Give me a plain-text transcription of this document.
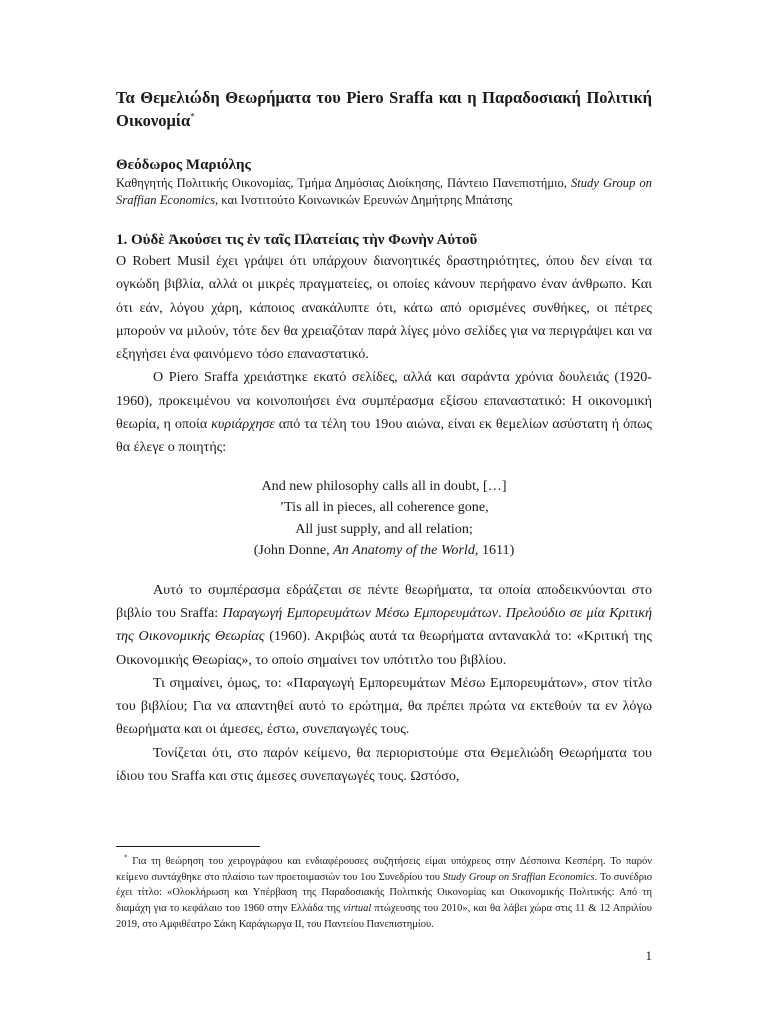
Τα Θεμελιώδη Θεωρήματα του Piero Sraffa και η Παραδοσιακή Πολιτική Οικονομία*
Θεόδωρος Μαριόλης
Καθηγητής Πολιτικής Οικονομίας, Τμήμα Δημόσιας Διοίκησης, Πάντειο Πανεπιστήμιο, Study Group on Sraffian Economics, και Ινστιτούτο Κοινωνικών Ερευνών Δημήτρης Μπάτσης
1. Οὐδὲ Ἀκούσει τις ἐν ταῖς Πλατείαις τὴν Φωνὴν Αὐτοῦ

Ο Robert Musil έχει γράψει ότι υπάρχουν διανοητικές δραστηριότητες, όπου δεν είναι τα ογκώδη βιβλία, αλλά οι μικρές πραγματείες, οι οποίες κάνουν περήφανο έναν άνθρωπο. Και ότι εάν, λόγου χάρη, κάποιος ανακάλυπτε ότι, κάτω από ορισμένες συνθήκες, οι πέτρες μπορούν να μιλούν, τότε δεν θα χρειαζόταν παρά λίγες μόνο σελίδες για να περιγράψει και να εξηγήσει ένα φαινόμενο τόσο επαναστατικό.

Ο Piero Sraffa χρειάστηκε εκατό σελίδες, αλλά και σαράντα χρόνια δουλειάς (1920-1960), προκειμένου να κοινοποιήσει ένα συμπέρασμα εξίσου επαναστατικό: Η οικονομική θεωρία, η οποία κυριάρχησε από τα τέλη του 19ου αιώνα, είναι εκ θεμελίων ασύστατη ή όπως θα έλεγε ο ποιητής:

And new philosophy calls all in doubt, […]
’Tis all in pieces, all coherence gone,
All just supply, and all relation;
(John Donne, An Anatomy of the World, 1611)

Αυτό το συμπέρασμα εδράζεται σε πέντε θεωρήματα, τα οποία αποδεικνύονται στο βιβλίο του Sraffa: Παραγωγή Εμπορευμάτων Μέσω Εμπορευμάτων. Πρελούδιο σε μία Κριτική της Οικονομικής Θεωρίας (1960). Ακριβώς αυτά τα θεωρήματα αντανακλά το: «Κριτική της Οικονομικής Θεωρίας», το οποίο σημαίνει τον υπότιτλο του βιβλίου.

Τι σημαίνει, όμως, το: «Παραγωγή Εμπορευμάτων Μέσω Εμπορευμάτων», στον τίτλο του βιβλίου; Για να απαντηθεί αυτό το ερώτημα, θα πρέπει πρώτα να εκτεθούν τα εν λόγω θεωρήματα και οι άμεσες, έστω, συνεπαγωγές τους.

Τονίζεται ότι, στο παρόν κείμενο, θα περιοριστούμε στα Θεμελιώδη Θεωρήματα του ίδιου του Sraffa και στις άμεσες συνεπαγωγές τους. Ωστόσο,

* Για τη θεώρηση του χειρογράφου και ενδιαφέρουσες συζητήσεις είμαι υπόχρεος στην Δέσποινα Κεσπέρη. Το παρόν κείμενο συντάχθηκε στο πλαίσιο των προετοιμασιών του 1ου Συνεδρίου του Study Group on Sraffian Economics. Το συνέδριο έχει τίτλο: «Ολοκλήρωση και Υπέρβαση της Παραδοσιακής Πολιτικής Οικονομίας και Οικονομικής Πολιτικής: Από τη διαμάχη για το κεφάλαιο του 1960 στην Ελλάδα της virtual πτώχευσης του 2010», και θα λάβει χώρα στις 11 & 12 Απριλίου 2019, στο Αμφιθέατρο Σάκη Καράγιωργα ΙΙ, του Παντείου Πανεπιστημίου.
1
